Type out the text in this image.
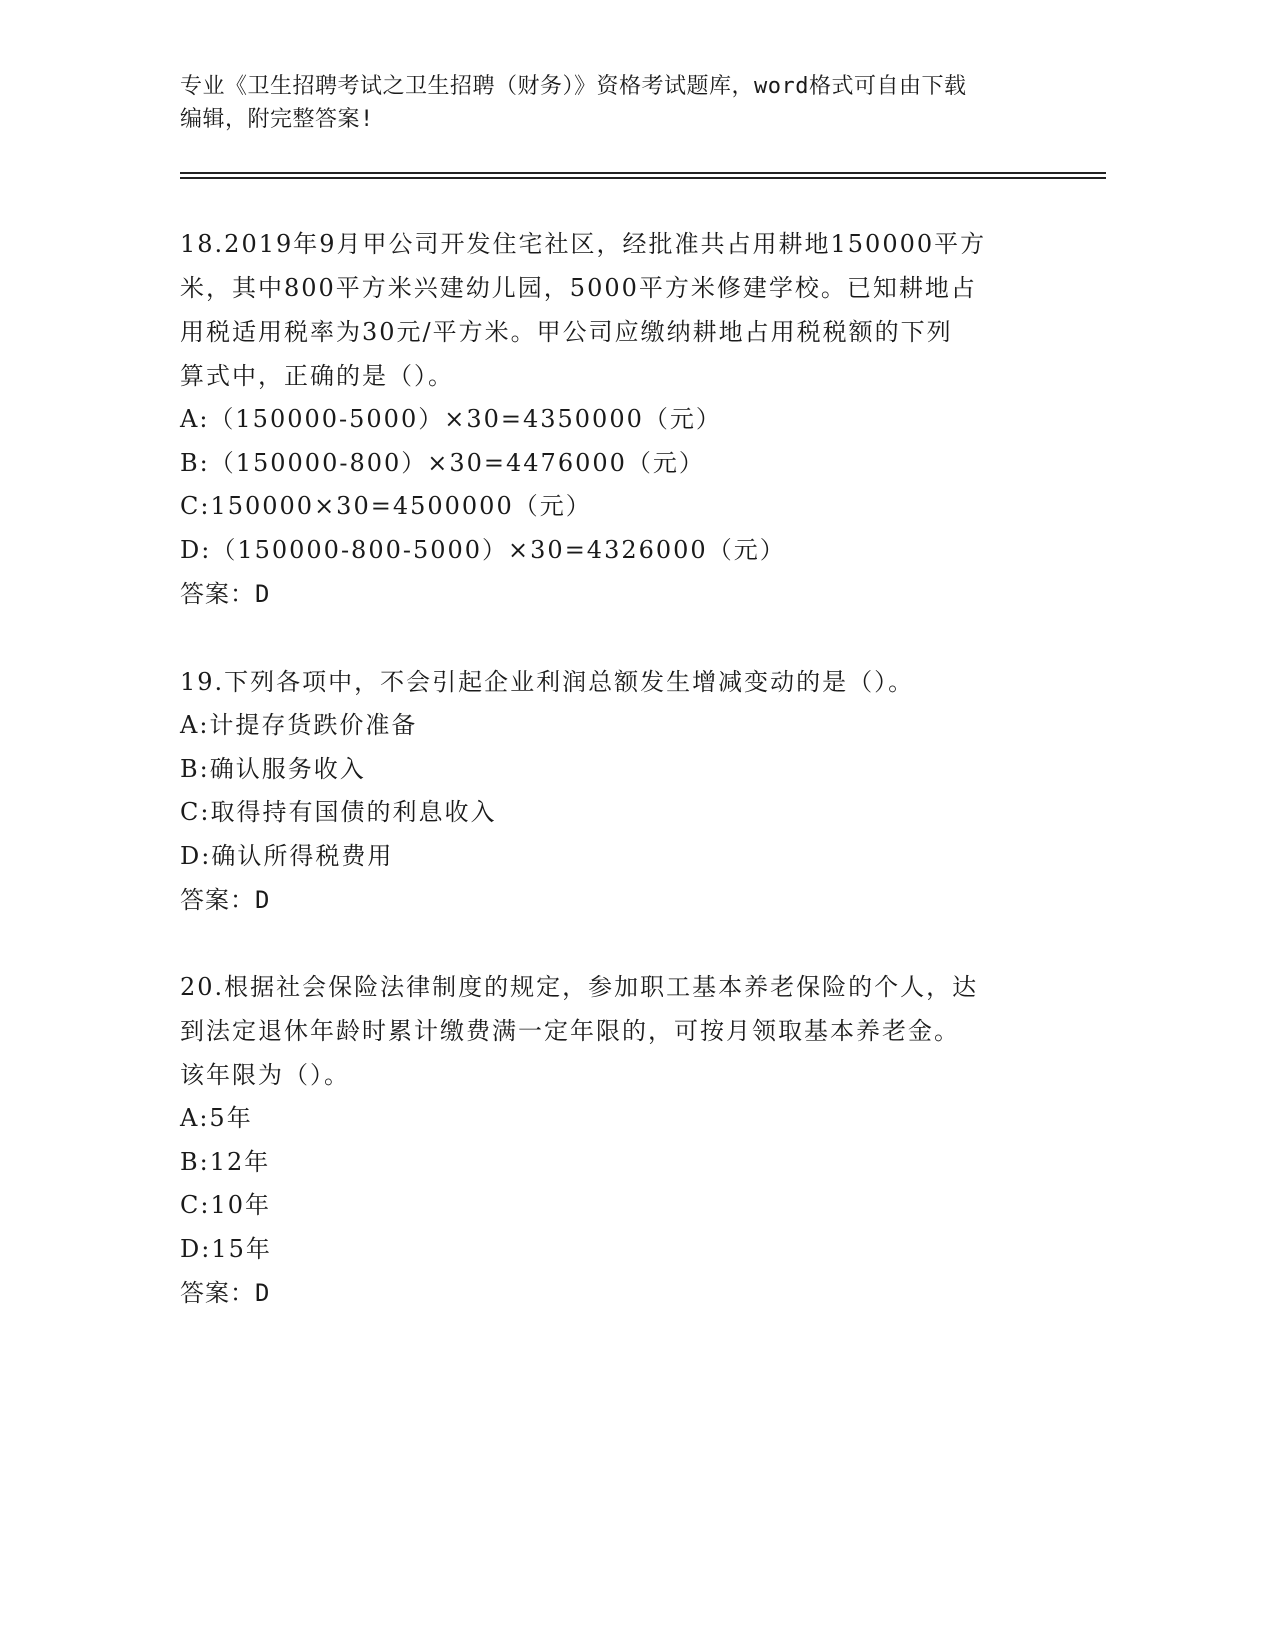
专业《卫生招聘考试之卫生招聘（财务）》资格考试题库，word格式可自由下载
编辑，附完整答案!
18.2019年9月甲公司开发住宅社区，经批准共占用耕地150000平方
米，其中800平方米兴建幼儿园，5000平方米修建学校。已知耕地占
用税适用税率为30元/平方米。甲公司应缴纳耕地占用税税额的下列
算式中，正确的是（）。
A:（150000-5000）×30=4350000（元）
B:（150000-800）×30=4476000（元）
C:150000×30=4500000（元）
D:（150000-800-5000）×30=4326000（元）
答案：D
19.下列各项中，不会引起企业利润总额发生增减变动的是（）。
A:计提存货跌价准备
B:确认服务收入
C:取得持有国债的利息收入
D:确认所得税费用
答案：D
20.根据社会保险法律制度的规定，参加职工基本养老保险的个人，达
到法定退休年龄时累计缴费满一定年限的，可按月领取基本养老金。
该年限为（）。
A:5年
B:12年
C:10年
D:15年
答案：D
